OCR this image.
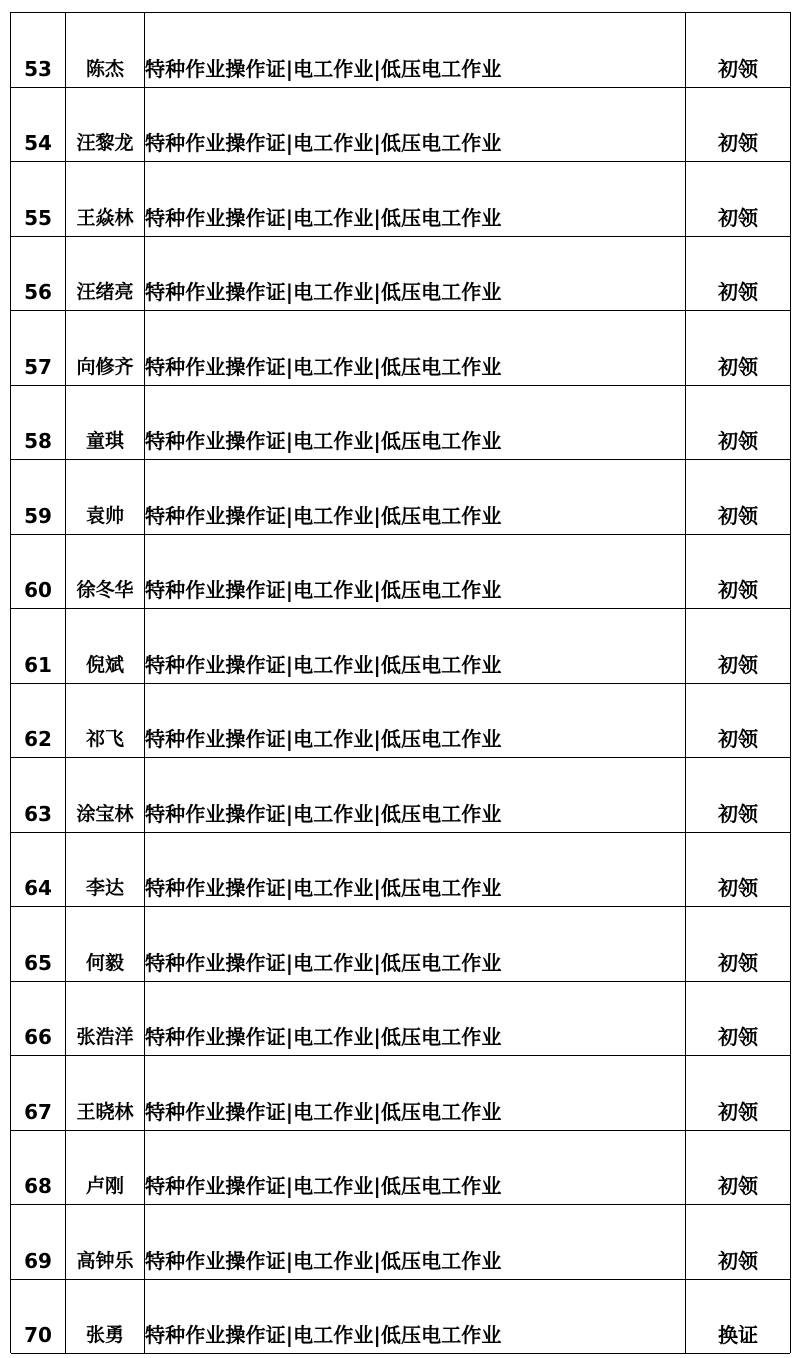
53	陈杰	特种作业操作证|电工作业|低压电工作业	初领
54	汪黎龙 特种作业操作证|电工作业|低压电工作业	初领
55	王焱林 特种作业操作证|电工作业|低压电工作业	初领
56	汪绪亮 特种作业操作证|电工作业|低压电工作业	初领
57	向修齐 特种作业操作证|电工作业|低压电工作业	初领
58	童琪	特种作业操作证|电工作业|低压电工作业	初领
59	袁帅	特种作业操作证|电工作业|低压电工作业	初领
60	徐冬华 特种作业操作证|电工作业|低压电工作业	初领
61	倪斌	特种作业操作证|电工作业|低压电工作业	初领
62	祁飞	特种作业操作证|电工作业|低压电工作业	初领
63	涂宝林 特种作业操作证|电工作业|低压电工作业	初领
64	李达	特种作业操作证|电工作业|低压电工作业	初领
65	何毅	特种作业操作证|电工作业|低压电工作业	初领
66	张浩洋 特种作业操作证|电工作业|低压电工作业	初领
67	王晓林 特种作业操作证|电工作业|低压电工作业	初领
68	卢刚	特种作业操作证|电工作业|低压电工作业	初领
69	高钟乐 特种作业操作证|电工作业|低压电工作业	初领
70	张勇	特种作业操作证|电工作业|低压电工作业	换证
